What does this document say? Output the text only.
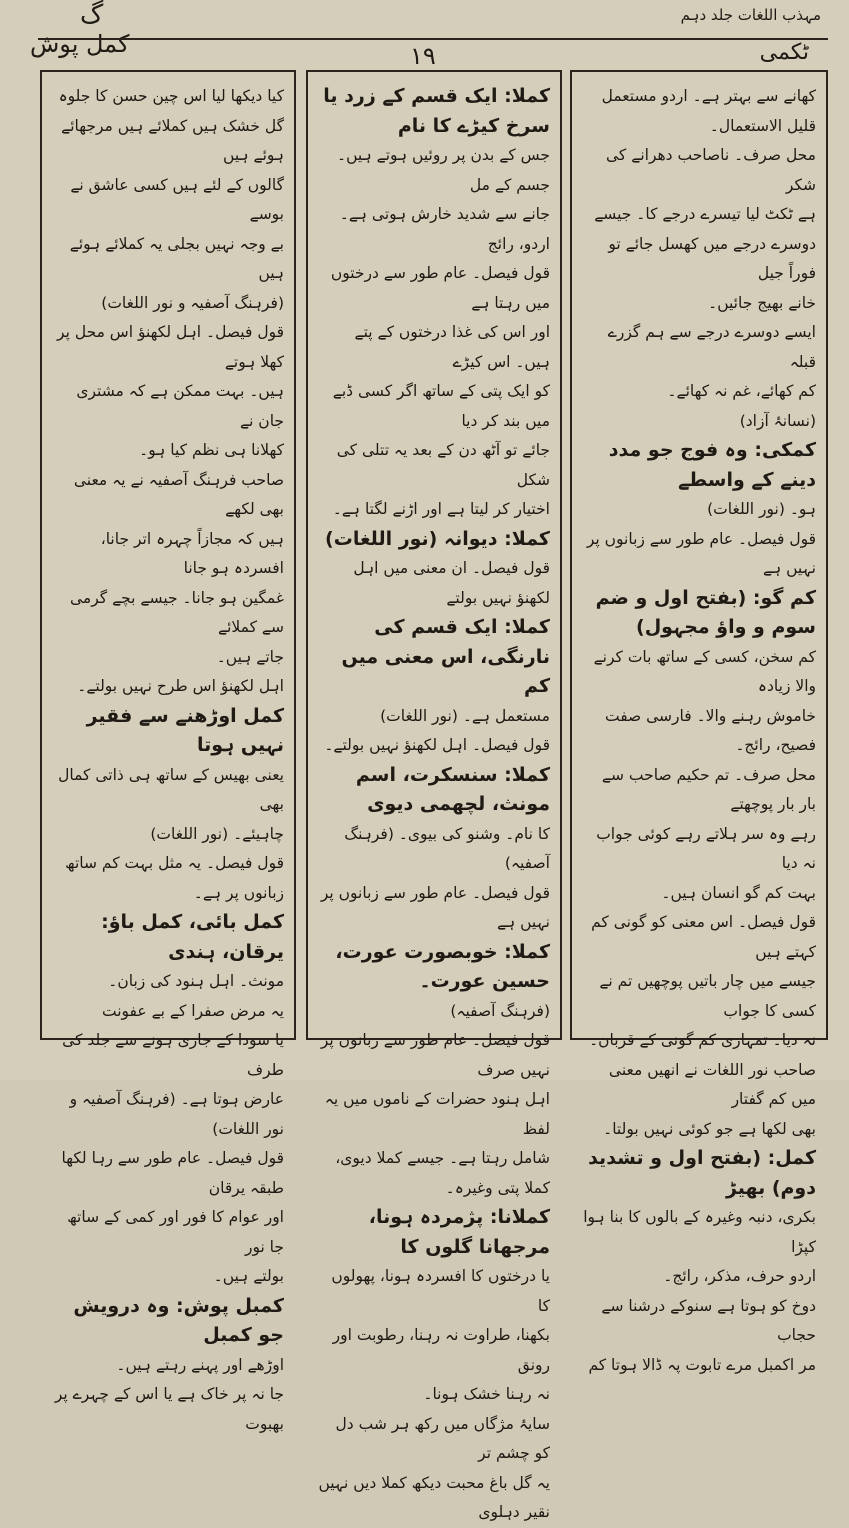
مہذب اللغات جلد دہم
ٹکمی
۱۹
گ
کمل پوش

کھانے سے بہتر ہے۔ اردو مستعمل

قلیل الاستعمال۔

محل صرف۔ ناصاحب دھرانے کی شکر

ہے ٹکٹ لیا تیسرے درجے کا۔ جیسے

دوسرے درجے میں کھسل جائے تو فوراً جیل

خانے بھیج جائیں۔

ایسے دوسرے درجے سے ہم گزرے قبلہ

کم کھائے، غم نہ کھائے۔

(نسانۂ آزاد)

کمکی: وہ فوج جو مدد دینے کے واسطے

ہو۔ (نور اللغات)

قول فیصل۔ عام طور سے زبانوں پر نہیں ہے

کم گو: (بفتح اول و ضم سوم و واؤ مجہول)

کم سخن، کسی کے ساتھ بات کرنے والا زیادہ

خاموش رہنے والا۔ فارسی صفت

فصیح، رائج۔

محل صرف۔ تم حکیم صاحب سے بار بار پوچھتے

رہے وہ سر ہلاتے رہے کوئی جواب نہ دیا

بہت کم گو انسان ہیں۔

قول فیصل۔ اس معنی کو گونی کم کہتے ہیں

جیسے میں چار باتیں پوچھیں تم نے کسی کا جواب

نہ دیا۔ تمہاری کم گونی کے قربان۔

صاحب نور اللغات نے انھیں معنی میں کم گفتار

بھی لکھا ہے جو کوئی نہیں بولتا۔

کمل: (بفتح اول و تشدید دوم) بھیڑ

بکری، دنبہ وغیرہ کے بالوں کا بنا ہوا کپڑا

اردو حرف، مذکر، رائج۔

دوخ کو ہوتا ہے سنوکے درشنا سے حجاب

مر اکمبل مرے تابوت پہ ڈالا ہوتا کم

کملا: ایک قسم کے زرد یا سرخ کیڑے کا نام

جس کے بدن پر روئیں ہوتے ہیں۔ جسم کے مل

جانے سے شدید خارش ہوتی ہے۔ اردو، رائج

قول فیصل۔ عام طور سے درختوں میں رہتا ہے

اور اس کی غذا درختوں کے پتے ہیں۔ اس کیڑے

کو ایک پتی کے ساتھ اگر کسی ڈبے میں بند کر دیا

جائے تو آٹھ دن کے بعد یہ تتلی کی شکل

اختیار کر لیتا ہے اور اڑنے لگتا ہے۔

کملا: دیوانہ (نور اللغات)

قول فیصل۔ ان معنی میں اہل لکھنؤ نہیں بولتے

کملا: ایک قسم کی نارنگی، اس معنی میں کم

مستعمل ہے۔ (نور اللغات)

قول فیصل۔ اہل لکھنؤ نہیں بولتے۔

کملا: سنسکرت، اسم مونث، لچھمی دیوی

کا نام۔ وشنو کی بیوی۔ (فرہنگ آصفیہ)

قول فیصل۔ عام طور سے زبانوں پر نہیں ہے

کملا: خوبصورت عورت، حسین عورت۔

(فرہنگ آصفیہ)

قول فیصل۔ عام طور سے زبانوں پر نہیں صرف

اہل ہنود حضرات کے ناموں میں یہ لفظ

شامل رہتا ہے۔ جیسے کملا دیوی،

کملا پتی وغیرہ۔

کملانا: پژمردہ ہونا، مرجھانا گلوں کا

یا درختوں کا افسردہ ہونا، پھولوں کا

بکھنا، طراوت نہ رہنا، رطوبت اور رونق

نہ رہنا خشک ہونا۔

سایۂ مژگاں میں رکھ ہر شب دل کو چشم تر

یہ گل باغ محبت دیکھ کملا دیں نہیں

نقیر دہلوی

کیا دیکھا لیا اس چین حسن کا جلوہ

گل خشک ہیں کملائے ہیں مرجھائے ہوئے ہیں

گالوں کے لئے ہیں کسی عاشق نے بوسے

بے وجہ نہیں بجلی یہ کملائے ہوئے ہیں

(فرہنگ آصفیہ و نور اللغات)

قول فیصل۔ اہل لکھنؤ اس محل پر کھلا ہوتے

ہیں۔ بہت ممکن ہے کہ مشتری جان نے

کھلانا ہی نظم کیا ہو۔

صاحب فرہنگ آصفیہ نے یہ معنی بھی لکھے

ہیں کہ مجازاً چہرہ اتر جانا، افسردہ ہو جانا

غمگین ہو جانا۔ جیسے بچے گرمی سے کملائے

جاتے ہیں۔

اہل لکھنؤ اس طرح نہیں بولتے۔

کمل اوڑھنے سے فقیر نہیں ہوتا

یعنی بھیس کے ساتھ ہی ذاتی کمال بھی

چاہیئے۔ (نور اللغات)

قول فیصل۔ یہ مثل بہت کم ساتھ

زبانوں پر ہے۔

کمل بائی، کمل باؤ: یرقان، ہندی

مونث۔ اہل ہنود کی زبان۔

یہ مرض صفرا کے بے عفونت

یا سودا کے جاری ہونے سے جلد کی طرف

عارض ہوتا ہے۔ (فرہنگ آصفیہ و نور اللغات)

قول فیصل۔ عام طور سے رہا لکھا طبقہ یرقان

اور عوام کا فور اور کمی کے ساتھ جا نور

بولتے ہیں۔

کمبل پوش: وہ درویش جو کمبل

اوڑھے اور پہنے رہتے ہیں۔

جا نہ پر خاک ہے یا اس کے چہرے پر بھبوت
